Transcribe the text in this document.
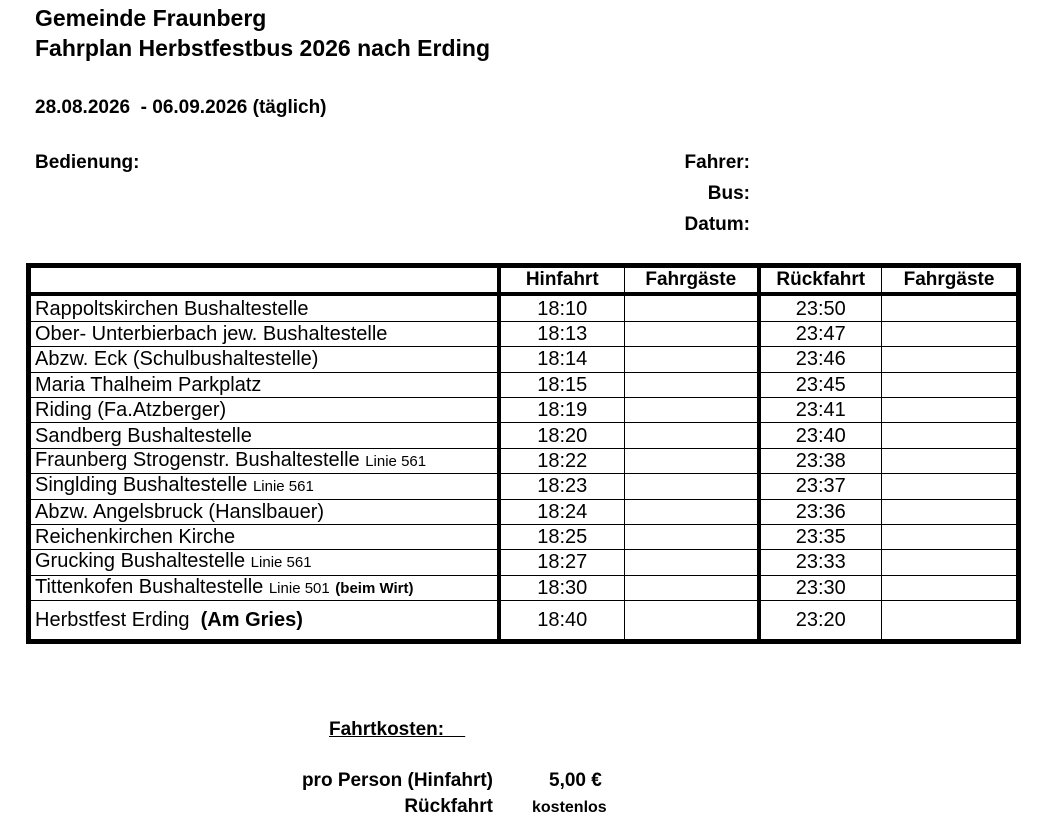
Gemeinde Fraunberg
Fahrplan Herbstfestbus 2026 nach Erding
28.08.2026  - 06.09.2026 (täglich)
Bedienung:	Fahrer:
Bus:
Datum:
	Hinfahrt	Fahrgäste	Rückfahrt	Fahrgäste
Rappoltskirchen Bushaltestelle	18:10		23:50	
Ober- Unterbierbach jew. Bushaltestelle	18:13		23:47	
Abzw. Eck (Schulbushaltestelle)	18:14		23:46	
Maria Thalheim Parkplatz	18:15		23:45	
Riding (Fa.Atzberger)	18:19		23:41	
Sandberg Bushaltestelle	18:20		23:40	
Fraunberg Strogenstr. Bushaltestelle Linie 561	18:22		23:38	
Singlding Bushaltestelle Linie 561	18:23		23:37	
Abzw. Angelsbruck (Hanslbauer)	18:24		23:36	
Reichenkirchen Kirche	18:25		23:35	
Grucking Bushaltestelle Linie 561	18:27		23:33	
Tittenkofen Bushaltestelle Linie 501 (beim Wirt)	18:30		23:30	
Herbstfest Erding (Am Gries)	18:40		23:20	
Fahrtkosten:
pro Person (Hinfahrt)	5,00 €
Rückfahrt kostenlos
